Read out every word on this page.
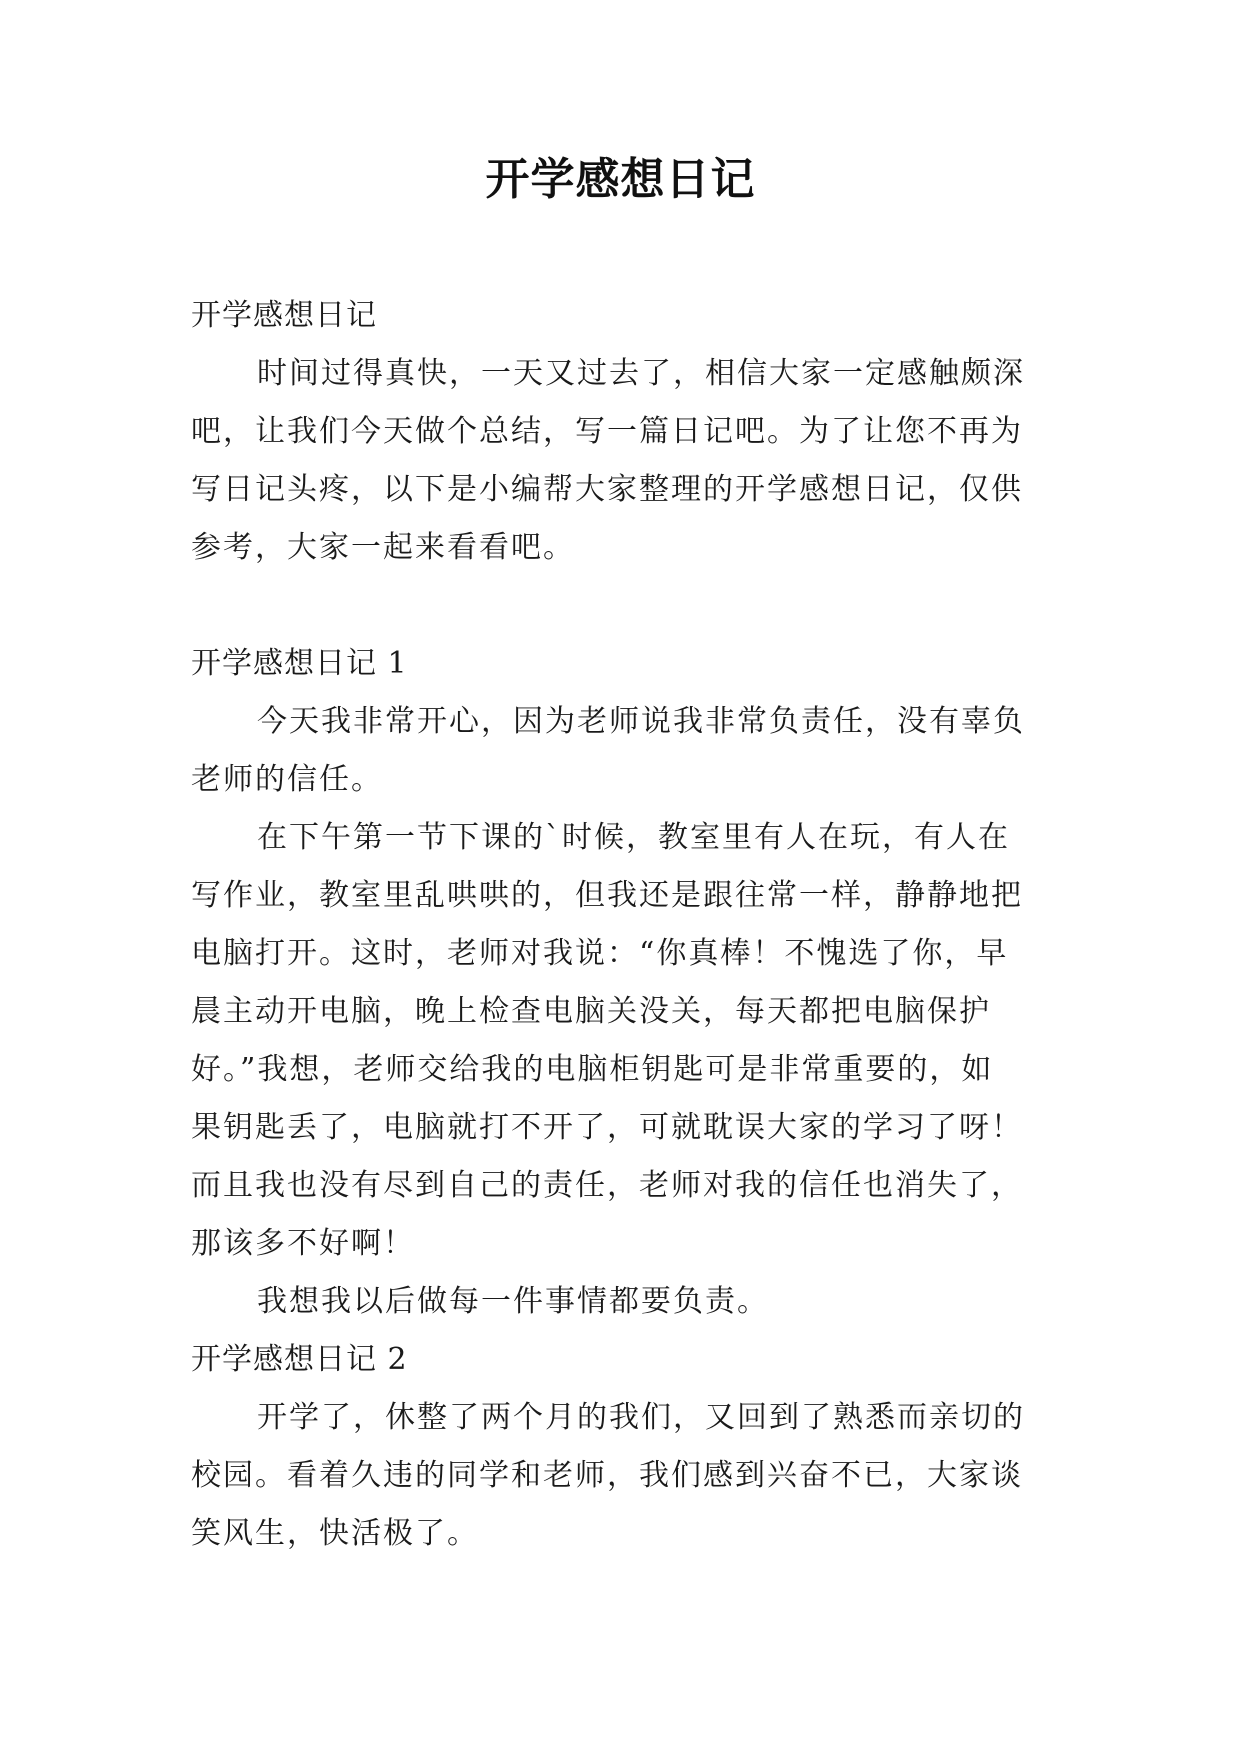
开学感想日记

开学感想日记

时间过得真快，一天又过去了，相信大家一定感触颇深

吧，让我们今天做个总结，写一篇日记吧。为了让您不再为

写日记头疼，以下是小编帮大家整理的开学感想日记，仅供

参考，大家一起来看看吧。

开学感想日记 1

今天我非常开心，因为老师说我非常负责任，没有辜负

老师的信任。

在下午第一节下课的`时候，教室里有人在玩，有人在

写作业，教室里乱哄哄的，但我还是跟往常一样，静静地把

电脑打开。这时，老师对我说：“你真棒！不愧选了你，早

晨主动开电脑，晚上检查电脑关没关，每天都把电脑保护

好。”我想，老师交给我的电脑柜钥匙可是非常重要的，如

果钥匙丢了，电脑就打不开了，可就耽误大家的学习了呀！

而且我也没有尽到自己的责任，老师对我的信任也消失了，

那该多不好啊！

我想我以后做每一件事情都要负责。

开学感想日记 2

开学了，休整了两个月的我们，又回到了熟悉而亲切的

校园。看着久违的同学和老师，我们感到兴奋不已，大家谈

笑风生，快活极了。
